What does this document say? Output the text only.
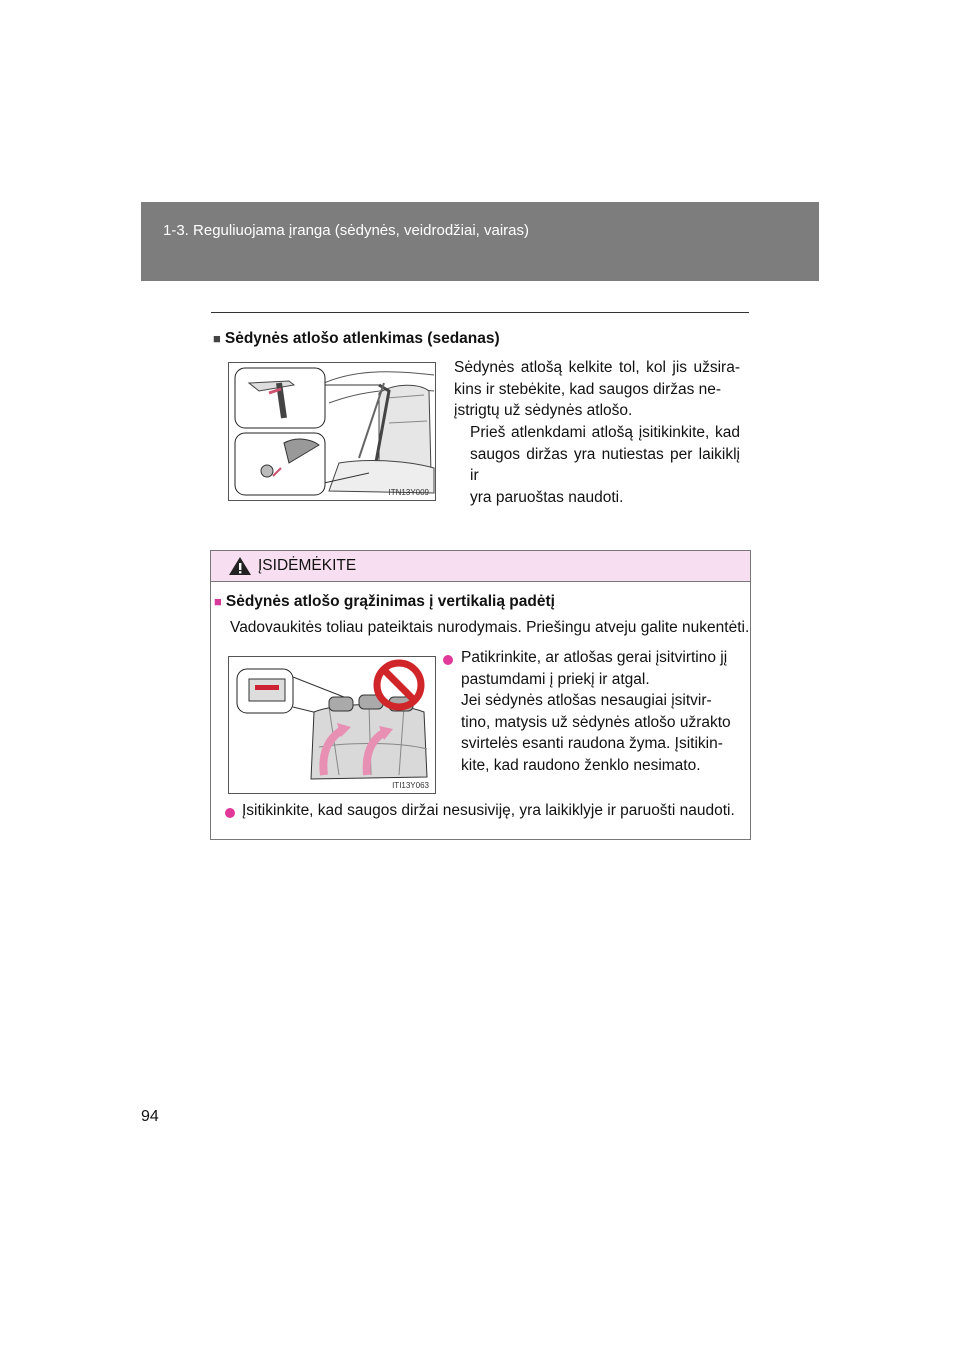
1-3. Reguliuojama įranga (sėdynės, veidrodžiai, vairas)
■ Sėdynės atlošo atlenkimas (sedanas)
ITN13Y009
Sėdynės atlošą kelkite tol, kol jis užsira-kins ir stebėkite, kad saugos diržas ne-
įstrigtų už sėdynės atlošo.
Prieš atlenkdami atlošą įsitikinkite, kad saugos diržas yra nutiestas per laikiklį ir
yra paruoštas naudoti.
ĮSIDĖMĖKITE
■ Sėdynės atlošo grąžinimas į vertikalią padėtį
Vadovaukitės toliau pateiktais nurodymais. Priešingu atveju galite nukentėti.
ITI13Y063
Patikrinkite, ar atlošas gerai įsitvirtino jį
pastumdami į priekį ir atgal.
Jei sėdynės atlošas nesaugiai įsitvir-
tino, matysis už sėdynės atlošo užrakto
svirtelės esanti raudona žyma. Įsitikin-
kite, kad raudono ženklo nesimato.
Įsitikinkite, kad saugos diržai nesusiviję, yra laikiklyje ir paruošti naudoti.
94
